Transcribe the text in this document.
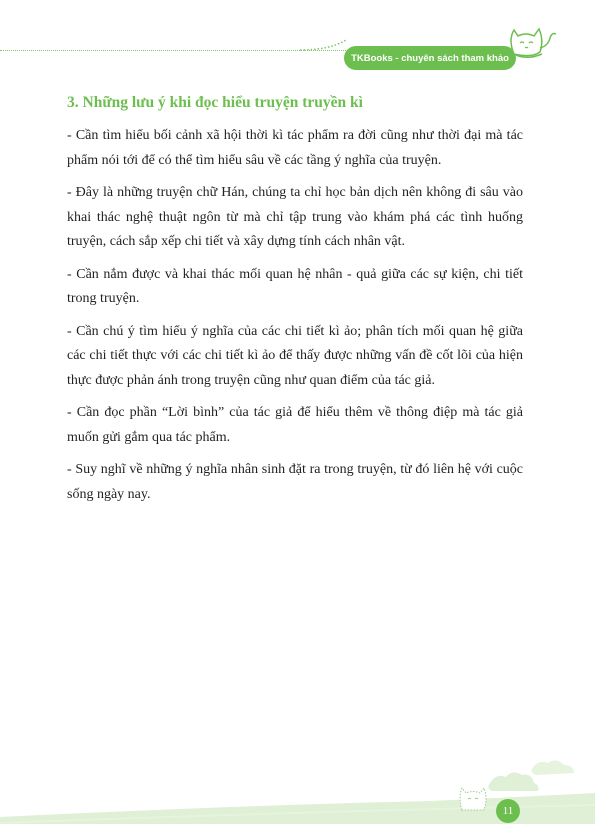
TKBooks - chuyên sách tham khảo
3. Những lưu ý khi đọc hiểu truyện truyền kì

- Cần tìm hiểu bối cảnh xã hội thời kì tác phẩm ra đời cũng như thời đại mà tác phẩm nói tới để có thể tìm hiểu sâu về các tầng ý nghĩa của truyện.

- Đây là những truyện chữ Hán, chúng ta chỉ học bản dịch nên không đi sâu vào khai thác nghệ thuật ngôn từ mà chỉ tập trung vào khám phá các tình huống truyện, cách sắp xếp chi tiết và xây dựng tính cách nhân vật.

- Cần nắm được và khai thác mối quan hệ nhân - quả giữa các sự kiện, chi tiết trong truyện.

- Cần chú ý tìm hiểu ý nghĩa của các chi tiết kì ảo; phân tích mối quan hệ giữa các chi tiết thực với các chi tiết kì ảo để thấy được những vấn đề cốt lõi của hiện thực được phản ánh trong truyện cũng như quan điểm của tác giả.

- Cần đọc phần “Lời bình” của tác giả để hiểu thêm về thông điệp mà tác giả muốn gửi gắm qua tác phẩm.

- Suy nghĩ về những ý nghĩa nhân sinh đặt ra trong truyện, từ đó liên hệ với cuộc sống ngày nay.

11
